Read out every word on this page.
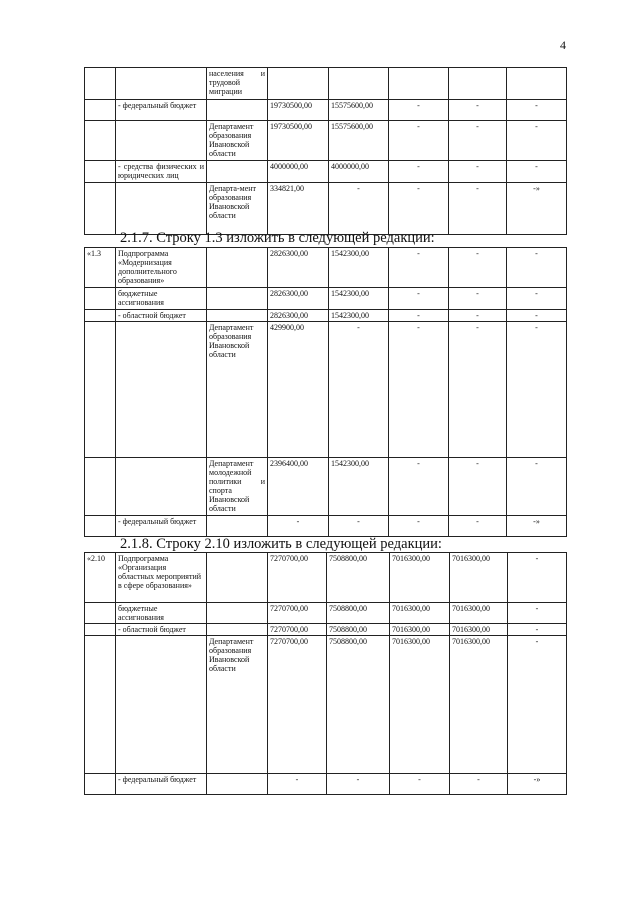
4
		населения и трудовой миграции					
	- федеральный бюджет		19730500,00	15575600,00	-	-	-
		Департамент образования Ивановской области	19730500,00	15575600,00	-	-	-
	- средства физических и юридических лиц		4000000,00	4000000,00	-	-	-
		Департа-мент образования Ивановской области	334821,00	-	-	-	-»
2.1.7. Строку 1.3 изложить в следующей редакции:
«1.3	Подпрограмма «Модернизация дополнительного образования»		2826300,00	1542300,00	-	-	-
	бюджетные ассигнования		2826300,00	1542300,00	-	-	-
	- областной бюджет		2826300,00	1542300,00	-	-	-
		Департамент образования Ивановской области	429900,00	-	-	-	-
		Департамент молодежной политики и спорта Ивановской области	2396400,00	1542300,00	-	-	-
	- федеральный бюджет		-	-	-	-	-»
2.1.8. Строку 2.10 изложить в следующей редакции:
«2.10	Подпрограмма «Организация областных мероприятий в сфере образования»		7270700,00	7508800,00	7016300,00	7016300,00	-
	бюджетные ассигнования		7270700,00	7508800,00	7016300,00	7016300,00	-
	- областной бюджет		7270700,00	7508800,00	7016300,00	7016300,00	-
		Департамент образования Ивановской области	7270700,00	7508800,00	7016300,00	7016300,00	-
	- федеральный бюджет		-	-	-	-	-»
